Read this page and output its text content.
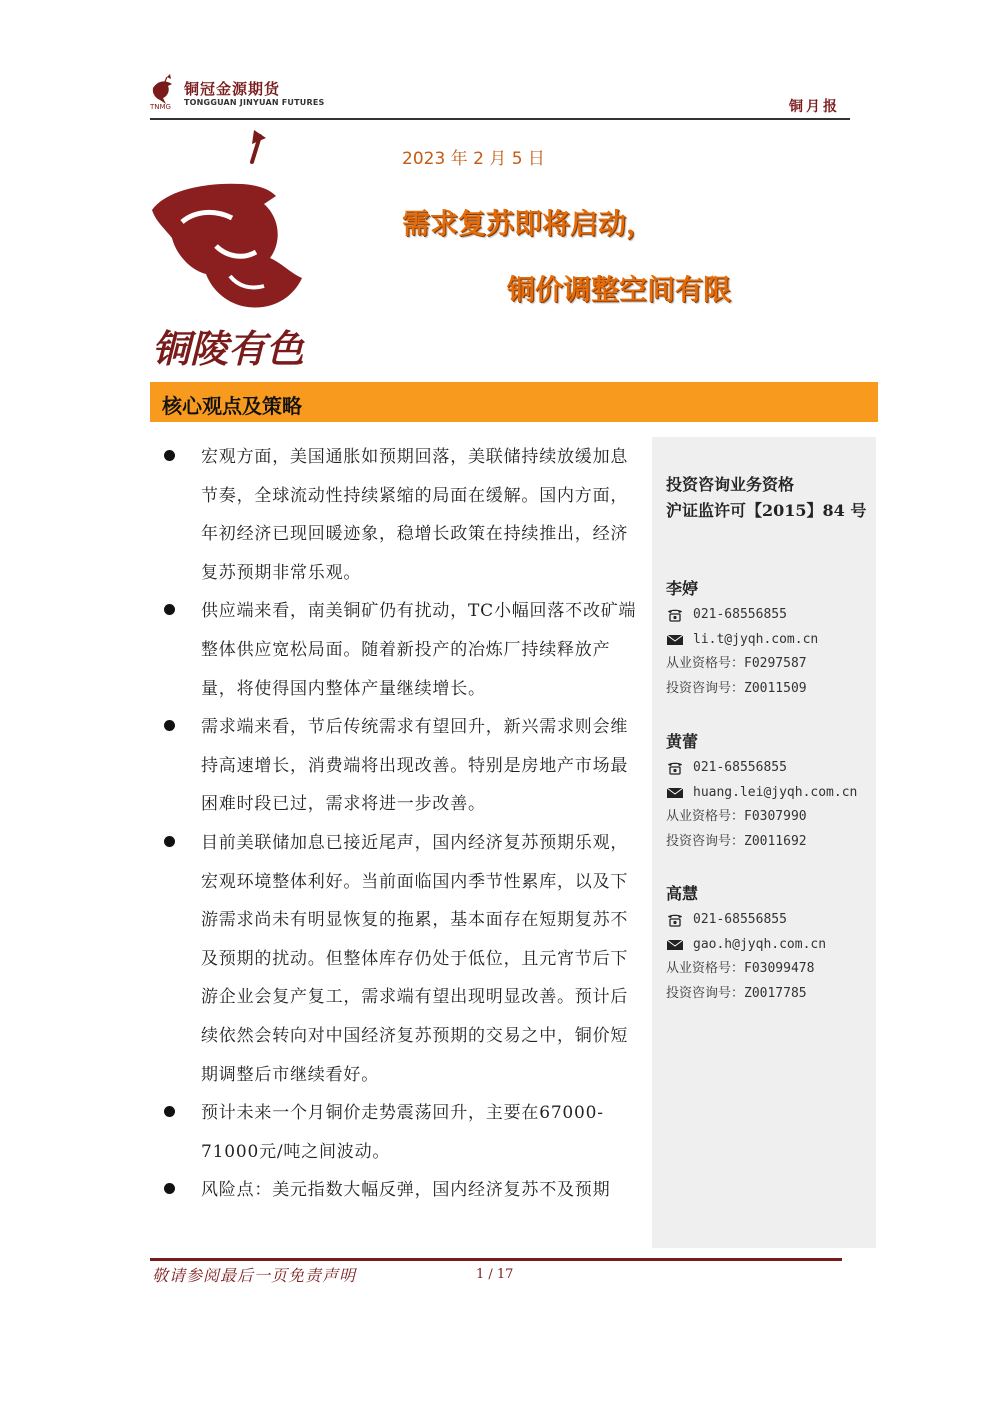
铜冠金源期货
TNMG TONGGUAN JINYUAN FUTURES	铜月报
铜陵有色
2023 年 2 月 5 日
需求复苏即将启动，
铜价调整空间有限
核心观点及策略
宏观方面，美国通胀如预期回落，美联储持续放缓加息节奏，全球流动性持续紧缩的局面在缓解。国内方面，年初经济已现回暖迹象，稳增长政策在持续推出，经济复苏预期非常乐观。
供应端来看，南美铜矿仍有扰动，TC小幅回落不改矿端整体供应宽松局面。随着新投产的冶炼厂持续释放产量，将使得国内整体产量继续增长。
需求端来看，节后传统需求有望回升，新兴需求则会维持高速增长，消费端将出现改善。特别是房地产市场最困难时段已过，需求将进一步改善。
目前美联储加息已接近尾声，国内经济复苏预期乐观，宏观环境整体利好。当前面临国内季节性累库，以及下游需求尚未有明显恢复的拖累，基本面存在短期复苏不及预期的扰动。但整体库存仍处于低位，且元宵节后下游企业会复产复工，需求端有望出现明显改善。预计后续依然会转向对中国经济复苏预期的交易之中，铜价短期调整后市继续看好。
预计未来一个月铜价走势震荡回升，主要在67000-71000元/吨之间波动。
风险点：美元指数大幅反弹，国内经济复苏不及预期
投资咨询业务资格
沪证监许可【2015】84 号
李婷
021-68556855
li.t@jyqh.com.cn
从业资格号：F0297587
投资咨询号：Z0011509
黄蕾
021-68556855
huang.lei@jyqh.com.cn
从业资格号：F0307990
投资咨询号：Z0011692
高慧
021-68556855
gao.h@jyqh.com.cn
从业资格号：F03099478
投资咨询号：Z0017785
敬请参阅最后一页免责声明	1 / 17
